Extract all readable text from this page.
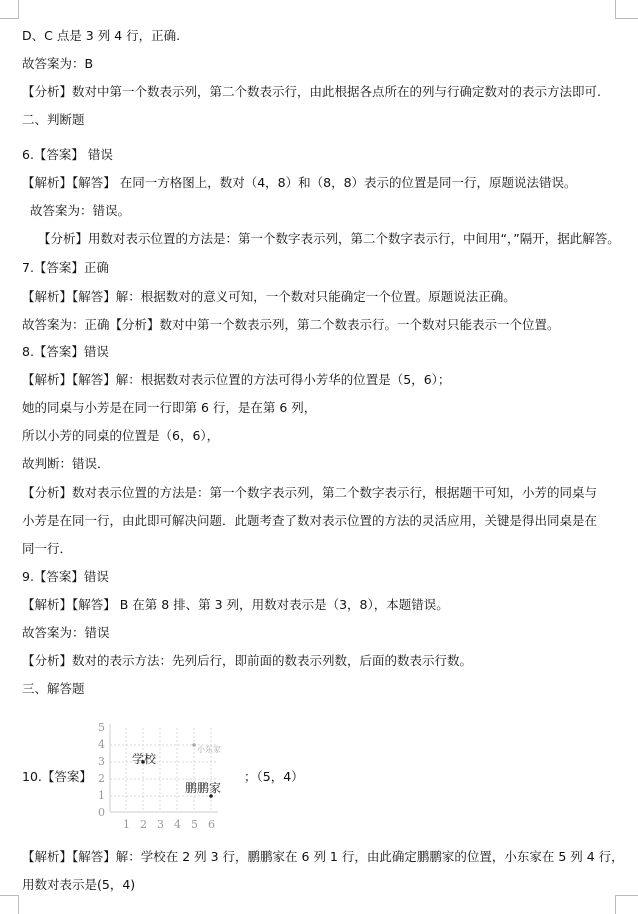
D、C 点是 3 列 4 行，正确.
故答案为：B
【分析】数对中第一个数表示列，第二个数表示行，由此根据各点所在的列与行确定数对的表示方法即可.
二、判断题
6.【答案】 错误
【解析】【解答】 在同一方格图上，数对（4，8）和（8，8）表示的位置是同一行，原题说法错误。
故答案为：错误。
【分析】用数对表示位置的方法是：第一个数字表示列，第二个数字表示行，中间用“，”隔开，据此解答。
7.【答案】正确
【解析】【解答】解：根据数对的意义可知，一个数对只能确定一个位置。原题说法正确。
故答案为：正确【分析】数对中第一个数表示列，第二个数表示行。一个数对只能表示一个位置。
8.【答案】错误
【解析】【解答】解：根据数对表示位置的方法可得小芳华的位置是（5，6）；
她的同桌与小芳是在同一行即第 6 行，是在第 6 列，
所以小芳的同桌的位置是（6，6），
故判断：错误．
【分析】数对表示位置的方法是：第一个数字表示列，第二个数字表示行，根据题干可知，小芳的同桌与
小芳是在同一行，由此即可解决问题．此题考查了数对表示位置的方法的灵活应用，关键是得出同桌是在
同一行．
9.【答案】错误
【解析】【解答】 B 在第 8 排、第 3 列，用数对表示是（3，8），本题错误。
故答案为：错误
【分析】数对的表示方法：先列后行，即前面的数表示列数，后面的数表示行数。
三、解答题
10.【答案】
5
4
3
2
1
0
1 2 3 4 5 6
学校
小东家
鹏鹏家
；（5，4）
【解析】【解答】解：学校在 2 列 3 行，鹏鹏家在 6 列 1 行，由此确定鹏鹏家的位置，小东家在 5 列 4 行，
用数对表示是(5，4)
